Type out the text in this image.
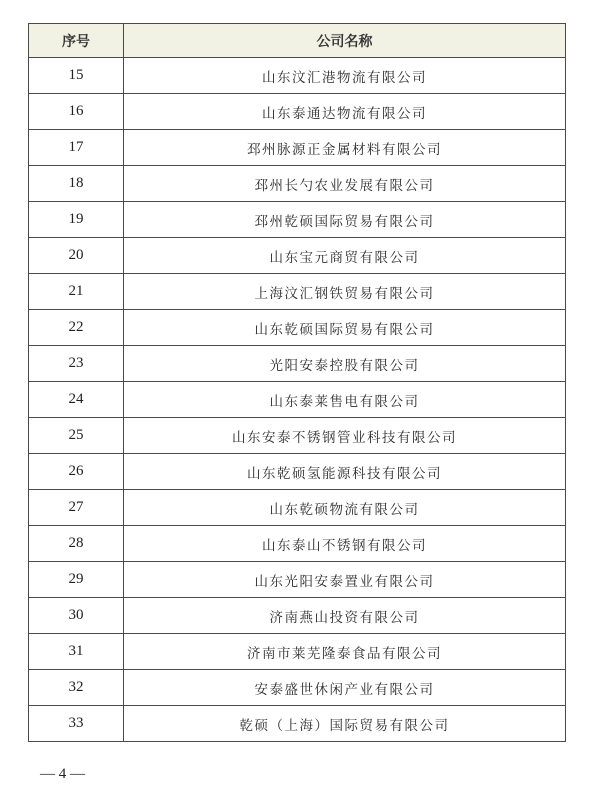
序号	公司名称
15	山东汶汇港物流有限公司
16	山东泰通达物流有限公司
17	邳州脉源正金属材料有限公司
18	邳州长勺农业发展有限公司
19	邳州乾硕国际贸易有限公司
20	山东宝元商贸有限公司
21	上海汶汇钢铁贸易有限公司
22	山东乾硕国际贸易有限公司
23	光阳安泰控股有限公司
24	山东泰莱售电有限公司
25	山东安泰不锈钢管业科技有限公司
26	山东乾硕氢能源科技有限公司
27	山东乾硕物流有限公司
28	山东泰山不锈钢有限公司
29	山东光阳安泰置业有限公司
30	济南燕山投资有限公司
31	济南市莱芜隆泰食品有限公司
32	安泰盛世休闲产业有限公司
33	乾硕（上海）国际贸易有限公司
— 4 —
